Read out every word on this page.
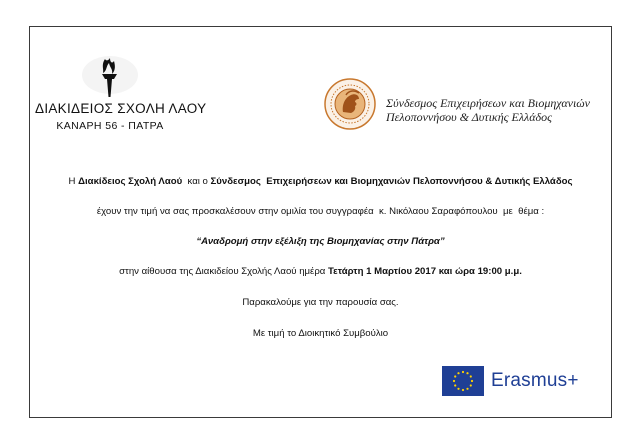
ΔΙΑΚΙΔΕΙΟΣ ΣΧΟΛΗ ΛΑΟΥ
ΚΑΝΑΡΗ 56 - ΠΑΤΡΑ
Σύνδεσμος Επιχειρήσεων και Βιομηχανιών
Πελοποννήσου & Δυτικής Ελλάδος
Η Διακίδειος Σχολή Λαού  και ο Σύνδεσμος  Επιχειρήσεων και Βιομηχανιών Πελοποννήσου & Δυτικής Ελλάδος
έχουν την τιμή να σας προσκαλέσουν στην ομιλία του συγγραφέα  κ. Νικόλαου Σαραφόπουλου  με  θέμα :
“Αναδρομή στην εξέλιξη της Βιομηχανίας στην Πάτρα”
στην αίθουσα της Διακιδείου Σχολής Λαού ημέρα Τετάρτη 1 Μαρτίου 2017 και ώρα 19:00 μ.μ.
Παρακαλούμε για την παρουσία σας.
Με τιμή το Διοικητικό Συμβούλιο
Erasmus+
